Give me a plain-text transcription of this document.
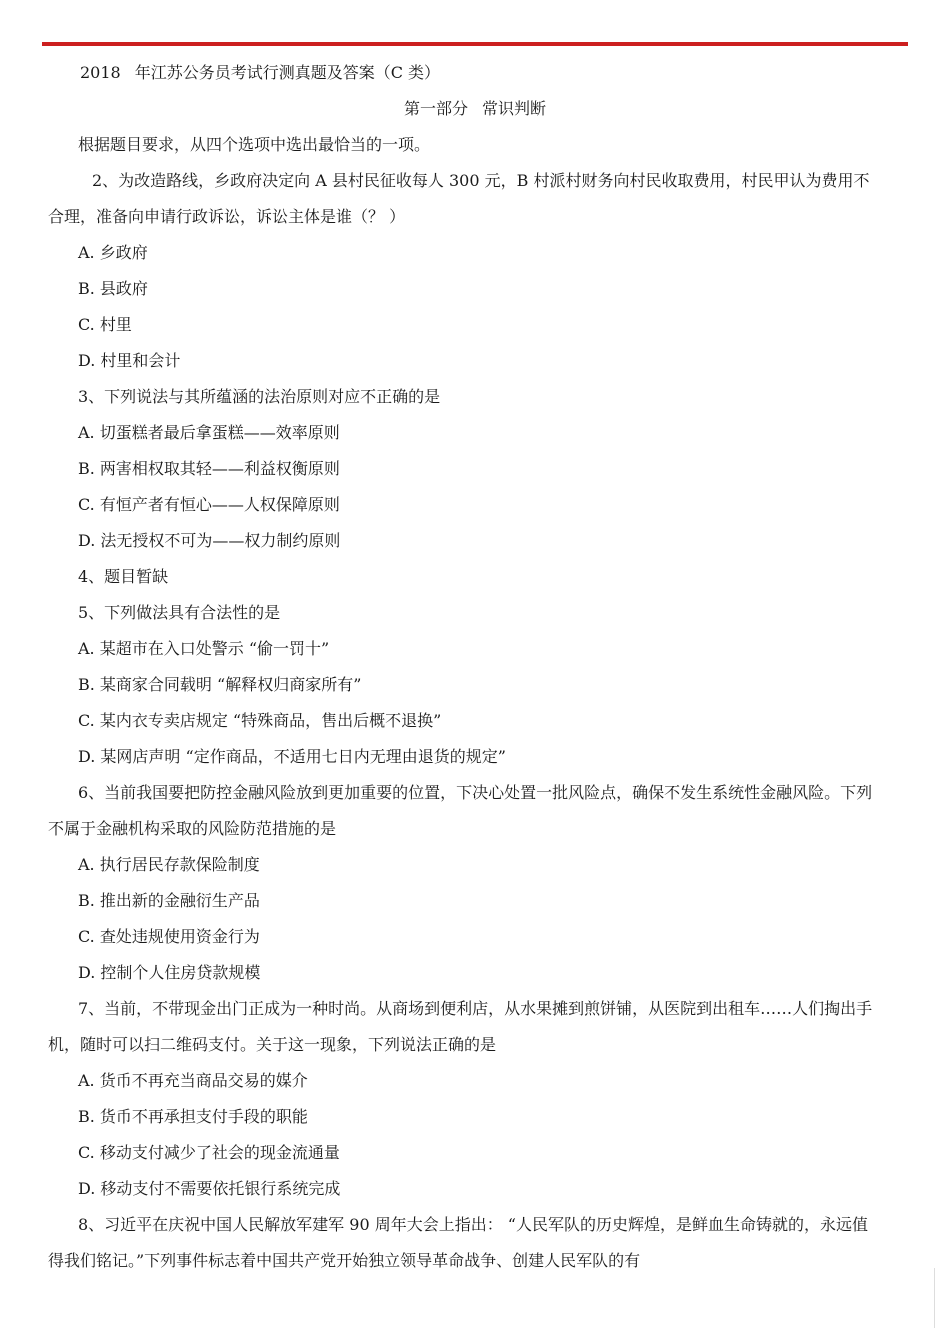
2018 年江苏公务员考试行测真题及答案（C 类）
第一部分 常识判断
根据题目要求，从四个选项中选出最恰当的一项。
2、为改造路线，乡政府决定向 A 县村民征收每人 300 元，B 村派村财务向村民收取费用，村民甲认为费用不
合理，准备向申请行政诉讼，诉讼主体是谁（？ ）
A. 乡政府
B. 县政府
C. 村里
D. 村里和会计
3、下列说法与其所蕴涵的法治原则对应不正确的是
A. 切蛋糕者最后拿蛋糕——效率原则
B. 两害相权取其轻——利益权衡原则
C. 有恒产者有恒心——人权保障原则
D. 法无授权不可为——权力制约原则
4、题目暂缺
5、下列做法具有合法性的是
A. 某超市在入口处警示 “偷一罚十”
B. 某商家合同载明 “解释权归商家所有”
C. 某内衣专卖店规定 “特殊商品，售出后概不退换”
D. 某网店声明 “定作商品，不适用七日内无理由退货的规定”
6、当前我国要把防控金融风险放到更加重要的位置，下决心处置一批风险点，确保不发生系统性金融风险。下列
不属于金融机构采取的风险防范措施的是
A. 执行居民存款保险制度
B. 推出新的金融衍生产品
C. 查处违规使用资金行为
D. 控制个人住房贷款规模
7、当前，不带现金出门正成为一种时尚。从商场到便利店，从水果摊到煎饼铺，从医院到出租车……人们掏出手
机，随时可以扫二维码支付。关于这一现象，下列说法正确的是
A. 货币不再充当商品交易的媒介
B. 货币不再承担支付手段的职能
C. 移动支付减少了社会的现金流通量
D. 移动支付不需要依托银行系统完成
8、习近平在庆祝中国人民解放军建军 90 周年大会上指出： “人民军队的历史辉煌，是鲜血生命铸就的，永远值
得我们铭记。”下列事件标志着中国共产党开始独立领导革命战争、创建人民军队的有
